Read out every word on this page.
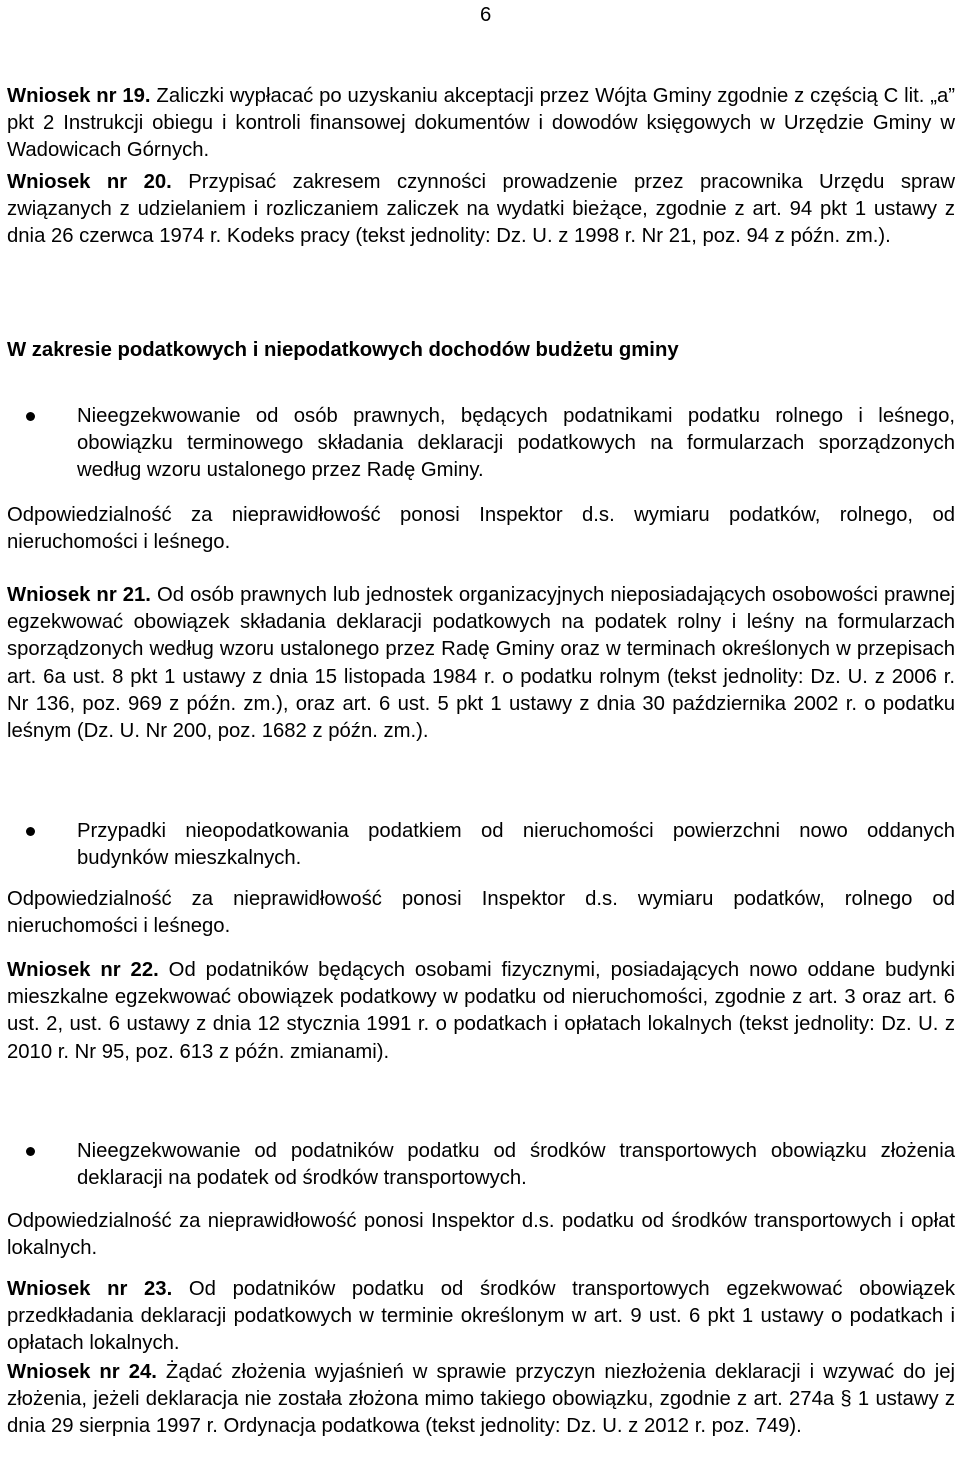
6

Wniosek nr 19. Zaliczki wypłacać po uzyskaniu akceptacji przez Wójta Gminy zgodnie z częścią C lit. „a” pkt 2 Instrukcji obiegu i kontroli finansowej dokumentów i dowodów księgowych w Urzędzie Gminy w Wadowicach Górnych.

Wniosek nr 20. Przypisać zakresem czynności prowadzenie przez pracownika Urzędu spraw związanych z udzielaniem i rozliczaniem zaliczek na wydatki bieżące, zgodnie z art. 94 pkt 1 ustawy z dnia 26 czerwca 1974 r. Kodeks pracy (tekst jednolity: Dz. U. z 1998 r. Nr 21, poz. 94 z późn. zm.).

W zakresie podatkowych i niepodatkowych dochodów budżetu gminy
Nieegzekwowanie od osób prawnych, będących podatnikami podatku rolnego i leśnego, obowiązku terminowego składania deklaracji podatkowych na formularzach sporządzonych według wzoru ustalonego przez Radę Gminy.

Odpowiedzialność za nieprawidłowość ponosi Inspektor d.s. wymiaru podatków, rolnego, od nieruchomości i leśnego.

Wniosek nr 21. Od osób prawnych lub jednostek organizacyjnych nieposiadających osobowości prawnej egzekwować obowiązek składania deklaracji podatkowych na podatek rolny i leśny na formularzach sporządzonych według wzoru ustalonego przez Radę Gminy oraz w terminach określonych w przepisach art. 6a ust. 8 pkt 1 ustawy z dnia 15 listopada 1984 r. o podatku rolnym (tekst jednolity: Dz. U. z 2006 r. Nr 136, poz. 969 z późn. zm.), oraz art. 6 ust. 5 pkt 1 ustawy z dnia 30 października 2002 r. o podatku leśnym (Dz. U. Nr 200, poz. 1682 z późn. zm.).

Przypadki nieopodatkowania podatkiem od nieruchomości powierzchni nowo oddanych budynków mieszkalnych.

Odpowiedzialność za nieprawidłowość ponosi Inspektor d.s. wymiaru podatków, rolnego od nieruchomości i leśnego.

Wniosek nr 22. Od podatników będących osobami fizycznymi, posiadających nowo oddane budynki mieszkalne egzekwować obowiązek podatkowy w podatku od nieruchomości, zgodnie z art. 3 oraz art. 6 ust. 2, ust. 6 ustawy z dnia 12 stycznia 1991 r. o podatkach i opłatach lokalnych (tekst jednolity: Dz. U. z 2010 r. Nr 95, poz. 613 z późn. zmianami).

Nieegzekwowanie od podatników podatku od środków transportowych obowiązku złożenia deklaracji na podatek od środków transportowych.

Odpowiedzialność za nieprawidłowość ponosi Inspektor d.s. podatku od środków transportowych i opłat lokalnych.

Wniosek nr 23. Od podatników podatku od środków transportowych egzekwować obowiązek przedkładania deklaracji podatkowych w terminie określonym w art. 9 ust. 6 pkt 1 ustawy o podatkach i opłatach lokalnych.

Wniosek nr 24. Żądać złożenia wyjaśnień w sprawie przyczyn niezłożenia deklaracji i wzywać do jej złożenia, jeżeli deklaracja nie została złożona mimo takiego obowiązku, zgodnie z art. 274a § 1 ustawy z dnia 29 sierpnia 1997 r. Ordynacja podatkowa (tekst jednolity: Dz. U. z 2012 r. poz. 749).
